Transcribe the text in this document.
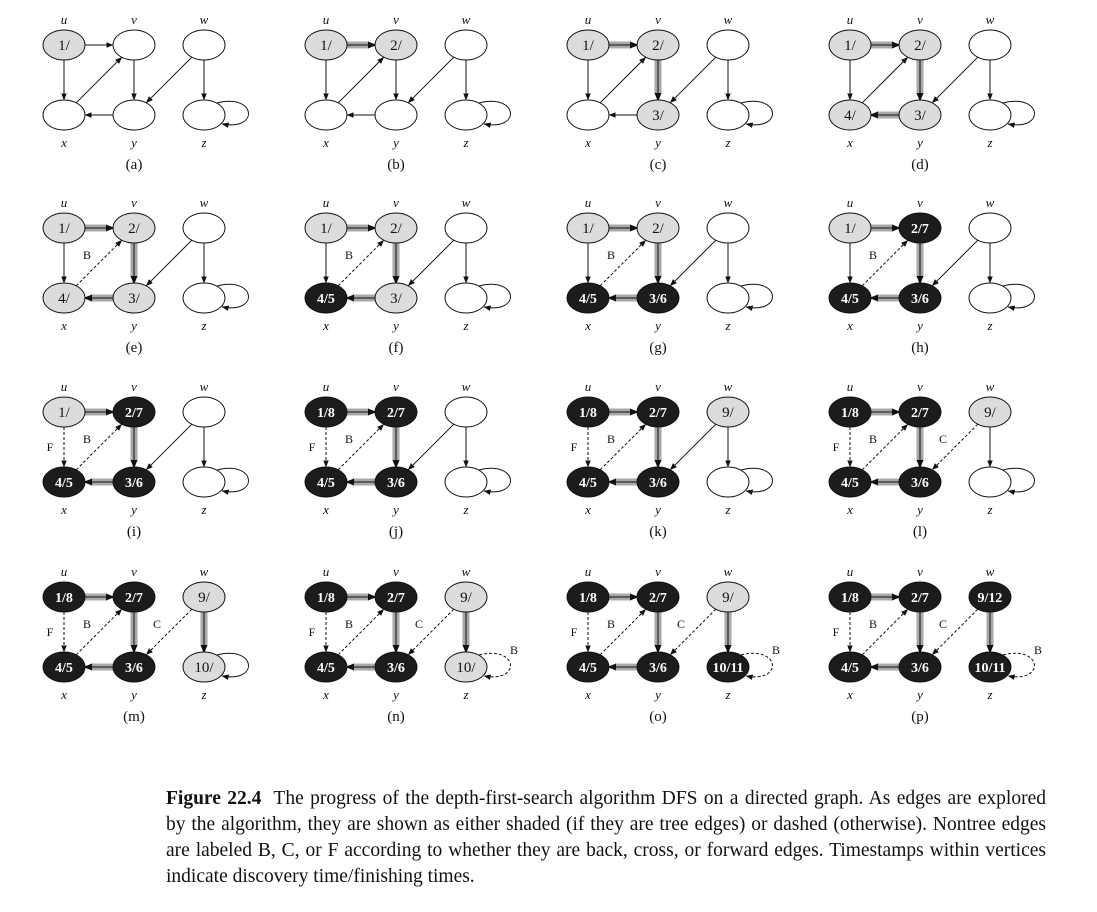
1/
u	v	w
x	y	z
(a)
1/
u
2/
v	w
x	y	z
(b)
1/
u
2/
v	w
x
3/
y	z
(c)
1/
u
2/
v	w
4/
x
3/
y	z
(d)
B
1/
u
2/
v	w
4/
x
3/
y	z
(e)
B
1/
u
2/
v	w
4/5
x
3/
y	z
(f)
B
1/
u
2/
v	w
4/5
x
3/6
y	z
(g)
B
1/
u
2/7
v	w
4/5
x
3/6
y	z
(h)
F
B
1/
u
2/7
v	w
4/5
x
3/6
y	z
(i)
F
B
1/8
u
2/7
v	w
4/5
x
3/6
y	z
(j)
F
B
1/8
u
2/7
v
9/
w
4/5
x
3/6
y	z
(k)
F
C
B
1/8
u
2/7
v
9/
w
4/5
x
3/6
y	z
(l)
F
C
B
1/8
u
2/7
v
9/
w
4/5
x
3/6
y
10/
z
(m)
F
C
B
B
1/8
u
2/7
v
9/
w
4/5
x
3/6
y
10/
z
(n)
F
C
B
B
1/8
u
2/7
v
9/
w
4/5
x
3/6
y
10/11
z
(o)
F
C
B
B
1/8
u
2/7
v
9/12
w
4/5
x
3/6
y
10/11
z
(p)
Figure 22.4 The progress of the depth-first-search algorithm DFS on a directed graph. As edges are explored by the algorithm, they are shown as either shaded (if they are tree edges) or dashed (otherwise). Nontree edges are labeled B, C, or F according to whether they are back, cross, or forward edges. Timestamps within vertices indicate discovery time/finishing times.
